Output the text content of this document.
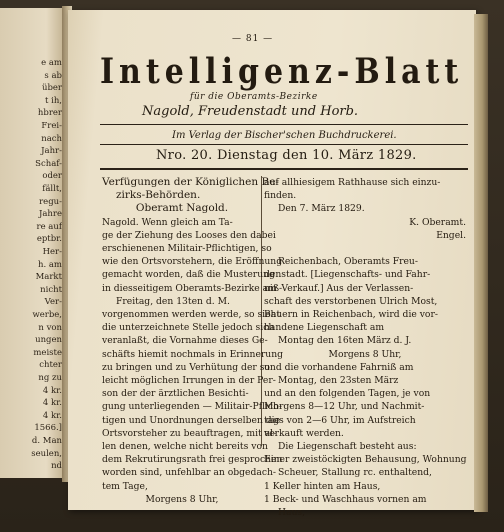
e am
s ab
über
t ih,
hbrer
Frei-
nach
Jahr-
Schaf-
oder
fällt,
regu-
Jahre
re auf
eptbr.
Her-
h. am
Markt
nicht
Ver-
werbe,
n von
ungen
meiste
chter
ng zu
4 kr.
4 kr.
4 kr.
1566.]
d. Man
seulen,
nd
— 81 —
Intelligenz-Blatt
für die Oberamts-Bezirke
Nagold, Freudenstadt und Horb.
Im Verlag der Bischer'schen Buchdruckerei.
Nro. 20. Dienstag den 10. März 1829.
Verfügungen der Königlichen Be-
zirks-Behörden.
Oberamt Nagold.
Nagold. Wenn gleich am Ta-
ge der Ziehung des Looses den dabei
erschienenen Militair-Pflichtigen, so
wie den Ortsvorstehern, die Eröffnung
gemacht worden, daß die Musterung
in diesseitigem Oberamts-Bezirke am
Freitag, den 13ten d. M.
vorgenommen werden werde, so sieht
die unterzeichnete Stelle jedoch sich
veranlaßt, die Vornahme dieses Ge-
schäfts hiemit nochmals in Erinnerung
zu bringen und zu Verhütung der so
leicht möglichen Irrungen in der Per-
son der der ärztlichen Besichti-
gung unterliegenden — Militair-Pflich-
tigen und Unordnungen derselben die
Ortsvorsteher zu beauftragen, mit al-
len denen, welche nicht bereits von
dem Rekrutirungsrath frei gesprochen
worden sind, unfehlbar an obgedach-
tem Tage,
Morgens 8 Uhr,
auf allhiesigem Rathhause sich einzu-
finden.
Den 7. März 1829.
K. Oberamt.
Engel.

Reichenbach, Oberamts Freu-
denstadt. [Liegenschafts- und Fahr-
niß-Verkauf.] Aus der Verlassen-
schaft des verstorbenen Ulrich Most,
Bauern in Reichenbach, wird die vor-
handene Liegenschaft am
Montag den 16ten März d. J.
Morgens 8 Uhr,
und die vorhandene Fahrniß am
Montag, den 23sten März
und an den folgenden Tagen, je von
Morgens 8—12 Uhr, und Nachmit-
tags von 2—6 Uhr, im Aufstreich
verkauft werden.
Die Liegenschaft besteht aus:
Einer zweistöckigten Behausung, Wohnung
Scheuer, Stallung rc. enthaltend,
1 Keller hinten am Haus,
1 Beck- und Waschhaus vornen am
Haus,
